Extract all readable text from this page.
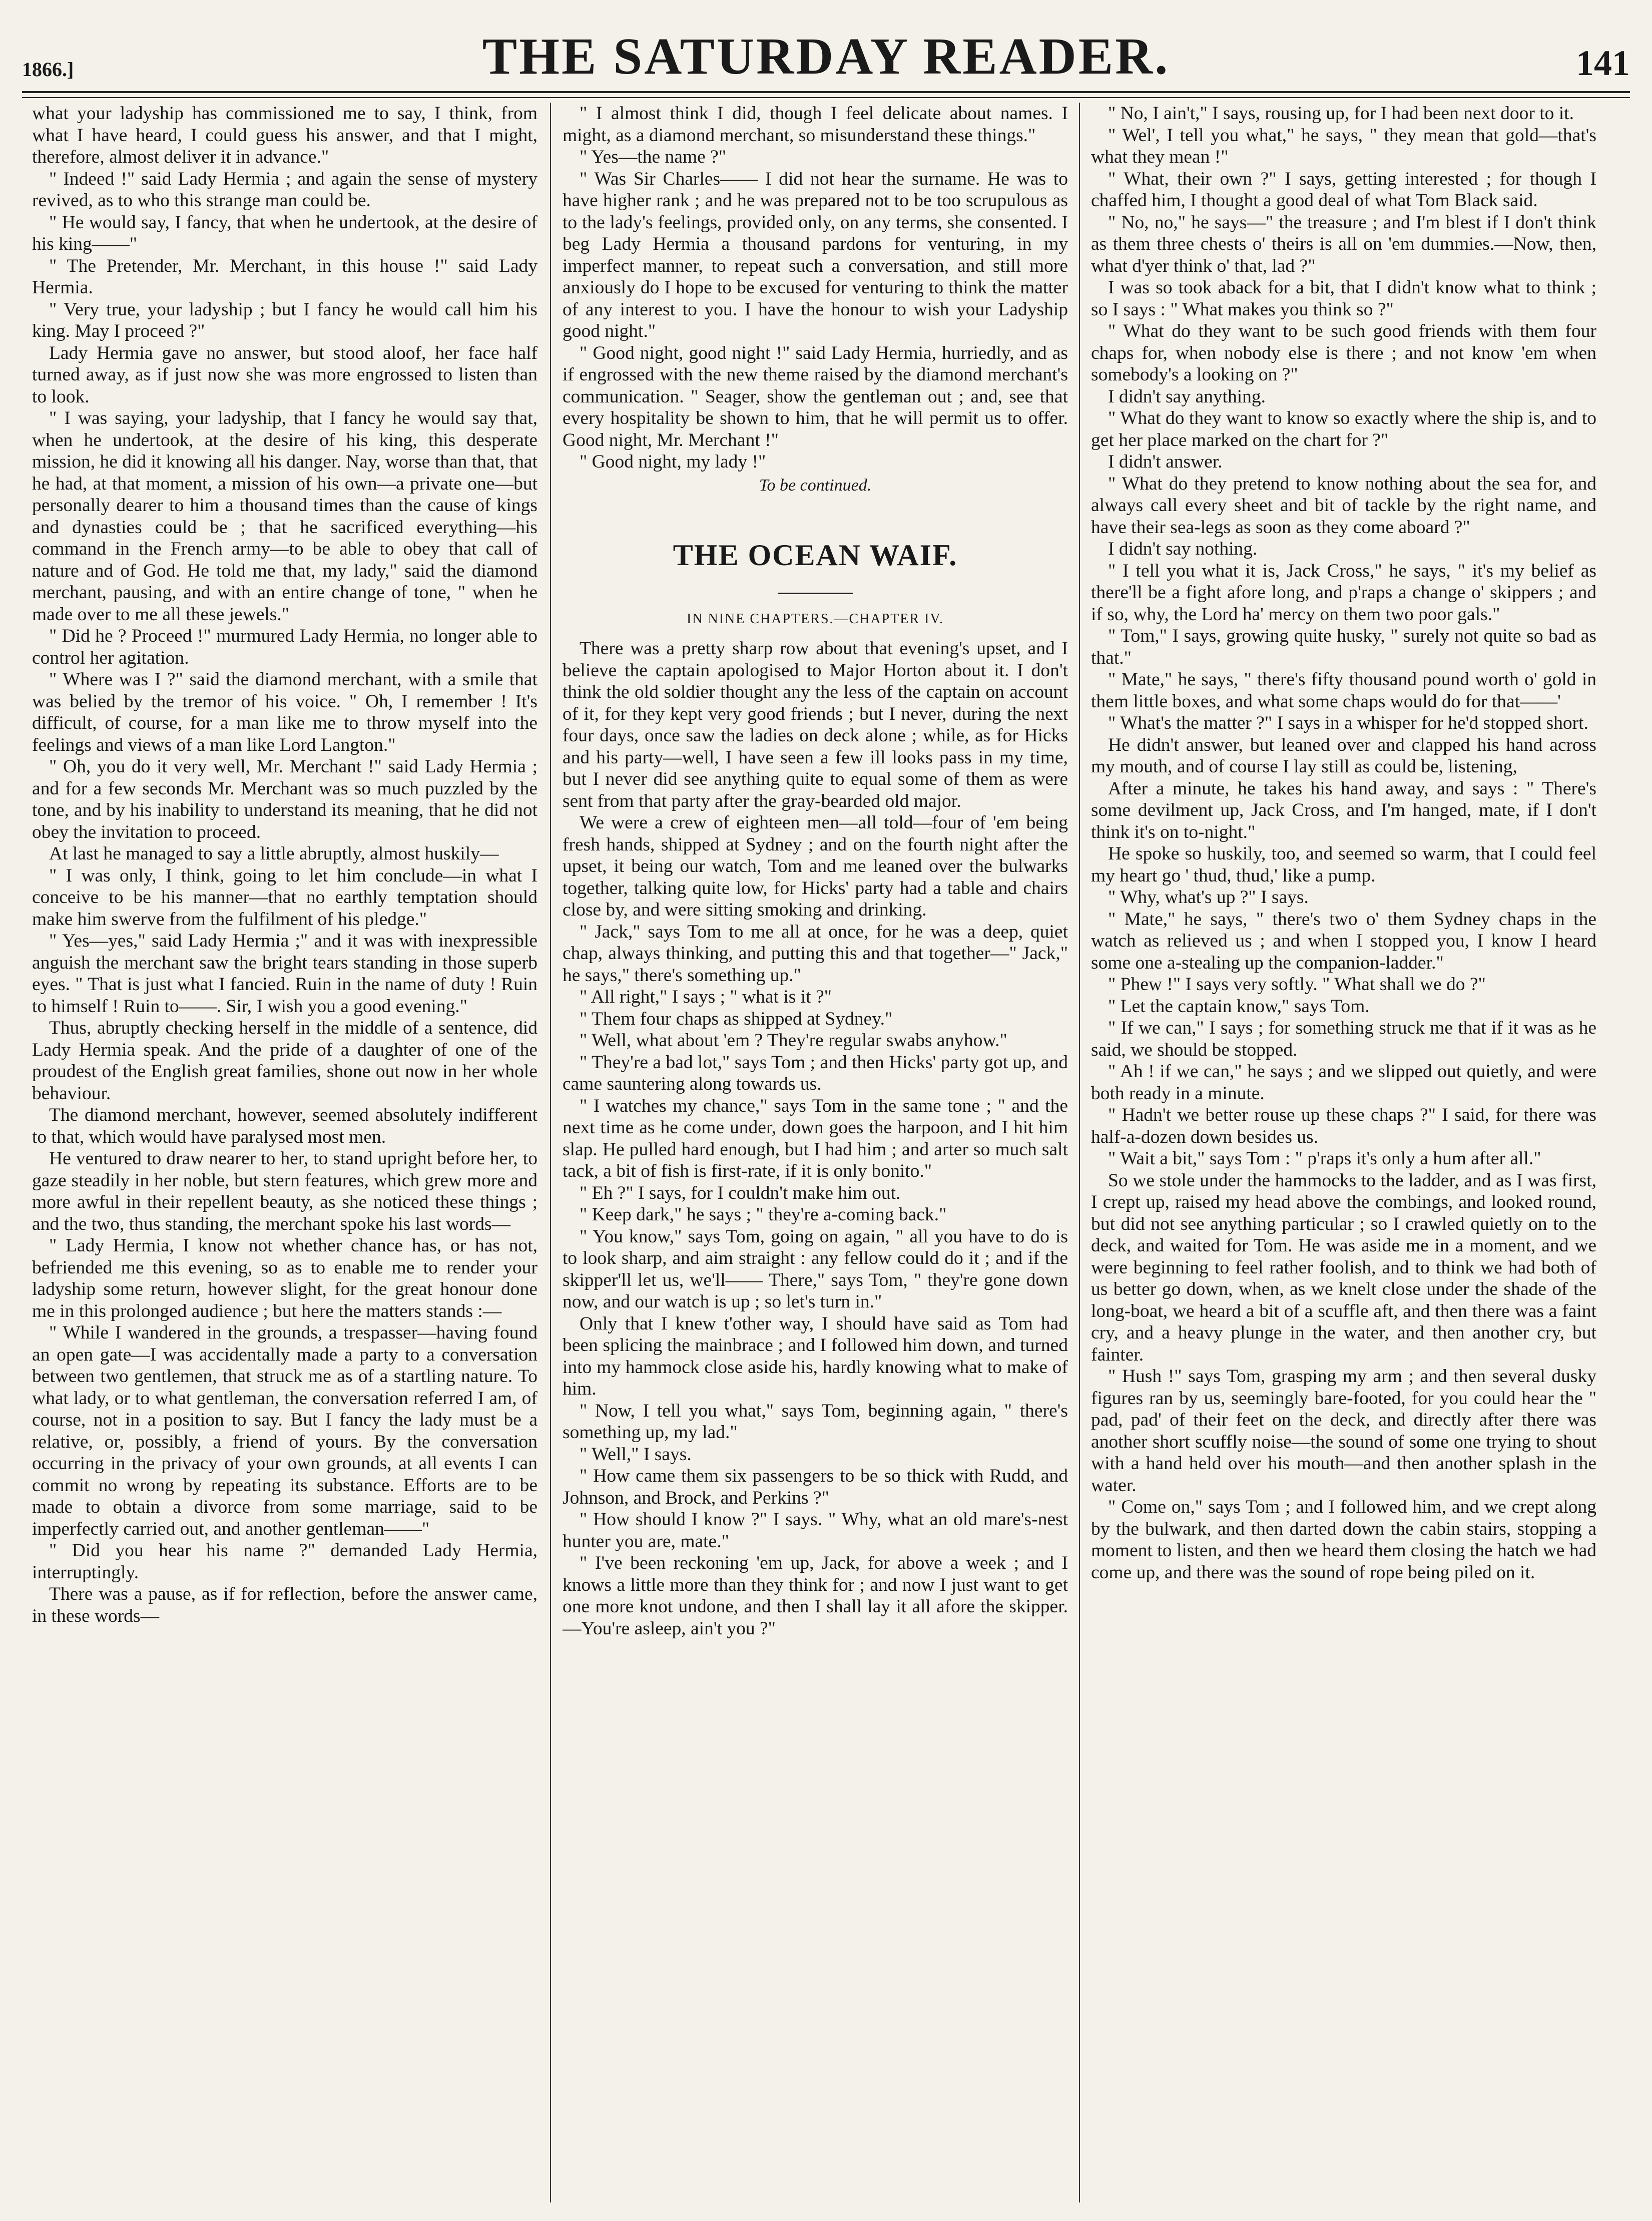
1866.]	THE SATURDAY READER.	141

what your ladyship has commissioned me to say, I think, from what I have heard, I could guess his answer, and that I might, therefore, almost deliver it in advance."

" Indeed !" said Lady Hermia ; and again the sense of mystery revived, as to who this strange man could be.

" He would say, I fancy, that when he undertook, at the desire of his king——"

" The Pretender, Mr. Merchant, in this house !" said Lady Hermia.

" Very true, your ladyship ; but I fancy he would call him his king. May I proceed ?"

Lady Hermia gave no answer, but stood aloof, her face half turned away, as if just now she was more engrossed to listen than to look.

" I was saying, your ladyship, that I fancy he would say that, when he undertook, at the desire of his king, this desperate mission, he did it knowing all his danger. Nay, worse than that, that he had, at that moment, a mission of his own—a private one—but personally dearer to him a thousand times than the cause of kings and dynasties could be ; that he sacrificed everything—his command in the French army—to be able to obey that call of nature and of God. He told me that, my lady," said the diamond merchant, pausing, and with an entire change of tone, " when he made over to me all these jewels."

" Did he ? Proceed !" murmured Lady Hermia, no longer able to control her agitation.

" Where was I ?" said the diamond merchant, with a smile that was belied by the tremor of his voice. " Oh, I remember ! It's difficult, of course, for a man like me to throw myself into the feelings and views of a man like Lord Langton."

" Oh, you do it very well, Mr. Merchant !" said Lady Hermia ; and for a few seconds Mr. Merchant was so much puzzled by the tone, and by his inability to understand its meaning, that he did not obey the invitation to proceed.

At last he managed to say a little abruptly, almost huskily—

" I was only, I think, going to let him conclude—in what I conceive to be his manner—that no earthly temptation should make him swerve from the fulfilment of his pledge."

" Yes—yes," said Lady Hermia ;" and it was with inexpressible anguish the merchant saw the bright tears standing in those superb eyes. " That is just what I fancied. Ruin in the name of duty ! Ruin to himself ! Ruin to——. Sir, I wish you a good evening."

Thus, abruptly checking herself in the middle of a sentence, did Lady Hermia speak. And the pride of a daughter of one of the proudest of the English great families, shone out now in her whole behaviour.

The diamond merchant, however, seemed absolutely indifferent to that, which would have paralysed most men.

He ventured to draw nearer to her, to stand upright before her, to gaze steadily in her noble, but stern features, which grew more and more awful in their repellent beauty, as she noticed these things ; and the two, thus standing, the merchant spoke his last words—

" Lady Hermia, I know not whether chance has, or has not, befriended me this evening, so as to enable me to render your ladyship some return, however slight, for the great honour done me in this prolonged audience ; but here the matters stands :—

" While I wandered in the grounds, a trespasser—having found an open gate—I was accidentally made a party to a conversation between two gentlemen, that struck me as of a startling nature. To what lady, or to what gentleman, the conversation referred I am, of course, not in a position to say. But I fancy the lady must be a relative, or, possibly, a friend of yours. By the conversation occurring in the privacy of your own grounds, at all events I can commit no wrong by repeating its substance. Efforts are to be made to obtain a divorce from some marriage, said to be imperfectly carried out, and another gentleman——"

" Did you hear his name ?" demanded Lady Hermia, interruptingly.

There was a pause, as if for reflection, before the answer came, in these words—

" I almost think I did, though I feel delicate about names. I might, as a diamond merchant, so misunderstand these things."

" Yes—the name ?"

" Was Sir Charles—— I did not hear the surname. He was to have higher rank ; and he was prepared not to be too scrupulous as to the lady's feelings, provided only, on any terms, she consented. I beg Lady Hermia a thousand pardons for venturing, in my imperfect manner, to repeat such a conversation, and still more anxiously do I hope to be excused for venturing to think the matter of any interest to you. I have the honour to wish your Ladyship good night."

" Good night, good night !" said Lady Hermia, hurriedly, and as if engrossed with the new theme raised by the diamond merchant's communication. " Seager, show the gentleman out ; and, see that every hospitality be shown to him, that he will permit us to offer. Good night, Mr. Merchant !"

" Good night, my lady !"

To be continued.

THE OCEAN WAIF.

IN NINE CHAPTERS.—CHAPTER IV.

There was a pretty sharp row about that evening's upset, and I believe the captain apologised to Major Horton about it. I don't think the old soldier thought any the less of the captain on account of it, for they kept very good friends ; but I never, during the next four days, once saw the ladies on deck alone ; while, as for Hicks and his party—well, I have seen a few ill looks pass in my time, but I never did see anything quite to equal some of them as were sent from that party after the gray-bearded old major.

We were a crew of eighteen men—all told—four of 'em being fresh hands, shipped at Sydney ; and on the fourth night after the upset, it being our watch, Tom and me leaned over the bulwarks together, talking quite low, for Hicks' party had a table and chairs close by, and were sitting smoking and drinking.

" Jack," says Tom to me all at once, for he was a deep, quiet chap, always thinking, and putting this and that together—" Jack," he says," there's something up."

" All right," I says ; " what is it ?"

" Them four chaps as shipped at Sydney."

" Well, what about 'em ? They're regular swabs anyhow."

" They're a bad lot," says Tom ; and then Hicks' party got up, and came sauntering along towards us.

" I watches my chance," says Tom in the same tone ; " and the next time as he come under, down goes the harpoon, and I hit him slap. He pulled hard enough, but I had him ; and arter so much salt tack, a bit of fish is first-rate, if it is only bonito."

" Eh ?" I says, for I couldn't make him out.

" Keep dark," he says ; " they're a-coming back."

" You know," says Tom, going on again, " all you have to do is to look sharp, and aim straight : any fellow could do it ; and if the skipper'll let us, we'll—— There," says Tom, " they're gone down now, and our watch is up ; so let's turn in."

Only that I knew t'other way, I should have said as Tom had been splicing the mainbrace ; and I followed him down, and turned into my hammock close aside his, hardly knowing what to make of him.

" Now, I tell you what," says Tom, beginning again, " there's something up, my lad."

" Well," I says.

" How came them six passengers to be so thick with Rudd, and Johnson, and Brock, and Perkins ?"

" How should I know ?" I says. " Why, what an old mare's-nest hunter you are, mate."

" I've been reckoning 'em up, Jack, for above a week ; and I knows a little more than they think for ; and now I just want to get one more knot undone, and then I shall lay it all afore the skipper.—You're asleep, ain't you ?"

" No, I ain't," I says, rousing up, for I had been next door to it.

" Wel', I tell you what," he says, " they mean that gold—that's what they mean !"

" What, their own ?" I says, getting interested ; for though I chaffed him, I thought a good deal of what Tom Black said.

" No, no," he says—" the treasure ; and I'm blest if I don't think as them three chests o' theirs is all on 'em dummies.—Now, then, what d'yer think o' that, lad ?"

I was so took aback for a bit, that I didn't know what to think ; so I says : " What makes you think so ?"

" What do they want to be such good friends with them four chaps for, when nobody else is there ; and not know 'em when somebody's a looking on ?"

I didn't say anything.

" What do they want to know so exactly where the ship is, and to get her place marked on the chart for ?"

I didn't answer.

" What do they pretend to know nothing about the sea for, and always call every sheet and bit of tackle by the right name, and have their sea-legs as soon as they come aboard ?"

I didn't say nothing.

" I tell you what it is, Jack Cross," he says, " it's my belief as there'll be a fight afore long, and p'raps a change o' skippers ; and if so, why, the Lord ha' mercy on them two poor gals."

" Tom," I says, growing quite husky, " surely not quite so bad as that."

" Mate," he says, " there's fifty thousand pound worth o' gold in them little boxes, and what some chaps would do for that——'

" What's the matter ?" I says in a whisper for he'd stopped short.

He didn't answer, but leaned over and clapped his hand across my mouth, and of course I lay still as could be, listening,

After a minute, he takes his hand away, and says : " There's some devilment up, Jack Cross, and I'm hanged, mate, if I don't think it's on to-night."

He spoke so huskily, too, and seemed so warm, that I could feel my heart go ' thud, thud,' like a pump.

" Why, what's up ?" I says.

" Mate," he says, " there's two o' them Sydney chaps in the watch as relieved us ; and when I stopped you, I know I heard some one a-stealing up the companion-ladder."

" Phew !" I says very softly. " What shall we do ?"

" Let the captain know," says Tom.

" If we can," I says ; for something struck me that if it was as he said, we should be stopped.

" Ah ! if we can," he says ; and we slipped out quietly, and were both ready in a minute.

" Hadn't we better rouse up these chaps ?" I said, for there was half-a-dozen down besides us.

" Wait a bit," says Tom : " p'raps it's only a hum after all."

So we stole under the hammocks to the ladder, and as I was first, I crept up, raised my head above the combings, and looked round, but did not see anything particular ; so I crawled quietly on to the deck, and waited for Tom. He was aside me in a moment, and we were beginning to feel rather foolish, and to think we had both of us better go down, when, as we knelt close under the shade of the long-boat, we heard a bit of a scuffle aft, and then there was a faint cry, and a heavy plunge in the water, and then another cry, but fainter.

" Hush !" says Tom, grasping my arm ; and then several dusky figures ran by us, seemingly bare-footed, for you could hear the " pad, pad' of their feet on the deck, and directly after there was another short scuffly noise—the sound of some one trying to shout with a hand held over his mouth—and then another splash in the water.

" Come on," says Tom ; and I followed him, and we crept along by the bulwark, and then darted down the cabin stairs, stopping a moment to listen, and then we heard them closing the hatch we had come up, and there was the sound of rope being piled on it.
